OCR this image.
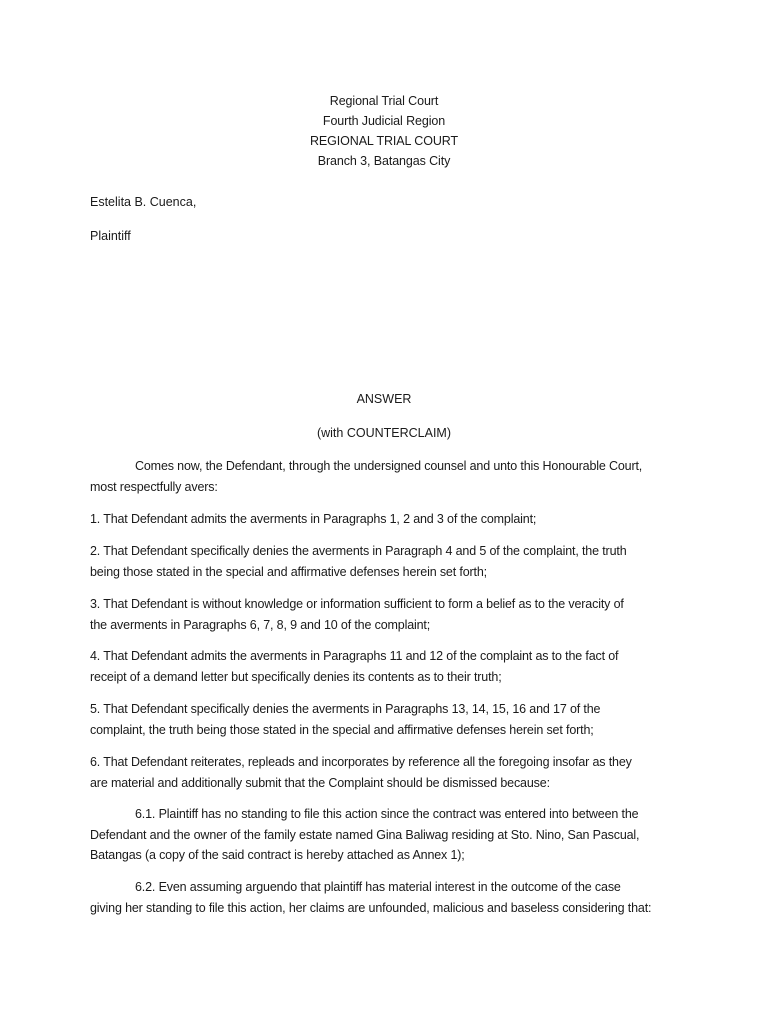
Regional Trial Court
Fourth Judicial Region
REGIONAL TRIAL COURT
Branch 3, Batangas City
Estelita B. Cuenca,
Plaintiff
ANSWER
(with COUNTERCLAIM)
Comes now, the Defendant, through the undersigned counsel and unto this Honourable Court,
most respectfully avers:
1. That Defendant admits the averments in Paragraphs 1, 2 and 3 of the complaint;
2. That Defendant specifically denies the averments in Paragraph 4 and 5 of the complaint, the truth
being those stated in the special and affirmative defenses herein set forth;
3. That Defendant is without knowledge or information sufficient to form a belief as to the veracity of
the averments in Paragraphs 6, 7, 8, 9 and 10 of the complaint;
4. That Defendant admits the averments in Paragraphs 11 and 12 of the complaint as to the fact of
receipt of a demand letter but specifically denies its contents as to their truth;
5. That Defendant specifically denies the averments in Paragraphs 13, 14, 15, 16 and 17 of the
complaint, the truth being those stated in the special and affirmative defenses herein set forth;
6. That Defendant reiterates, repleads and incorporates by reference all the foregoing insofar as they
are material and additionally submit that the Complaint should be dismissed because:
6.1. Plaintiff has no standing to file this action since the contract was entered into between the
Defendant and the owner of the family estate named Gina Baliwag residing at Sto. Nino, San Pascual,
Batangas (a copy of the said contract is hereby attached as Annex 1);
6.2. Even assuming arguendo that plaintiff has material interest in the outcome of the case
giving her standing to file this action, her claims are unfounded, malicious and baseless considering that:
